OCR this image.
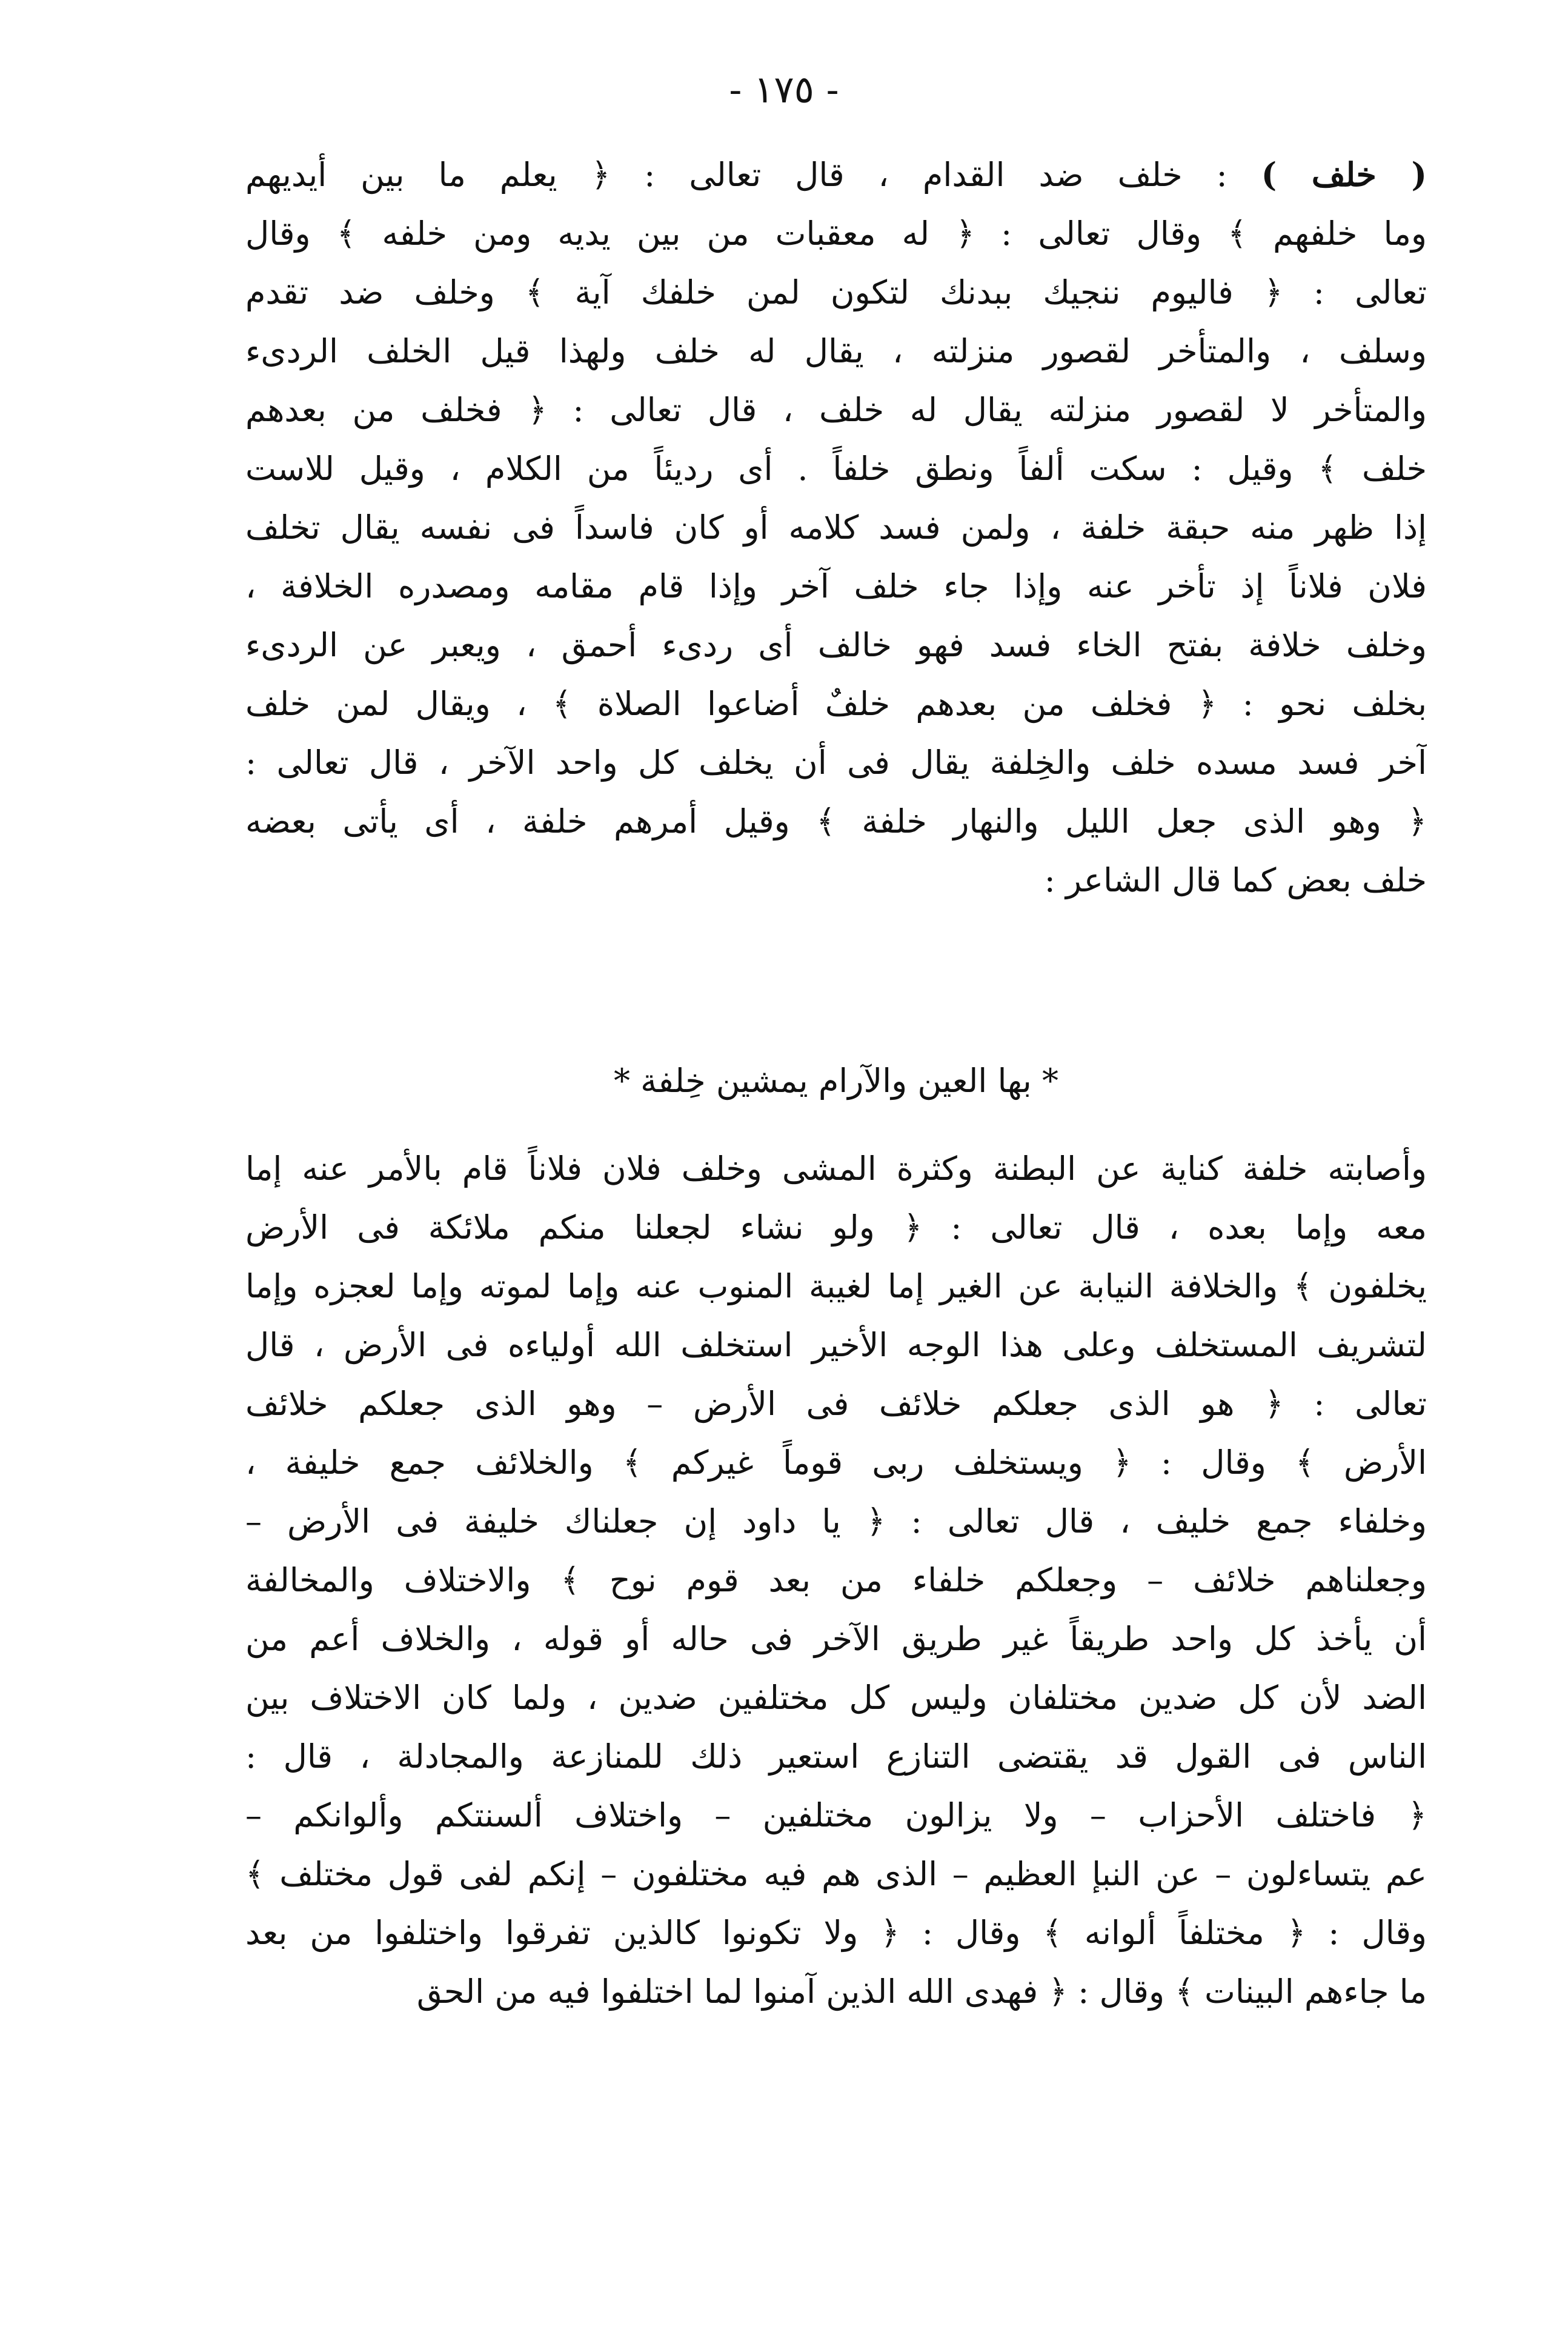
- ١٧٥ -
( خلف ) : خلف ضد القدام ، قال تعالى : ﴿ يعلم ما بين أيديهم
وما خلفهم ﴾ وقال تعالى : ﴿ له معقبات من بين يديه ومن خلفه ﴾ وقال
تعالى : ﴿ فاليوم ننجيك ببدنك لتكون لمن خلفك آية ﴾ وخلف ضد تقدم
وسلف ، والمتأخر لقصور منزلته ، يقال له خلف ولهذا قيل الخلف الردىء
والمتأخر لا لقصور منزلته يقال له خلف ، قال تعالى : ﴿ فخلف من بعدهم
خلف ﴾ وقيل : سكت ألفاً ونطق خلفاً . أى رديئاً من الكلام ، وقيل للاست
إذا ظهر منه حبقة خلفة ، ولمن فسد كلامه أو كان فاسداً فى نفسه يقال تخلف
فلان فلاناً إذ تأخر عنه وإذا جاء خلف آخر وإذا قام مقامه ومصدره الخلافة ،
وخلف خلافة بفتح الخاء فسد فهو خالف أى ردىء أحمق ، ويعبر عن الردىء
بخلف نحو : ﴿ فخلف من بعدهم خلفٌ أضاعوا الصلاة ﴾ ، ويقال لمن خلف
آخر فسد مسده خلف والخِلفة يقال فى أن يخلف كل واحد الآخر ، قال تعالى :
﴿ وهو الذى جعل الليل والنهار خلفة ﴾ وقيل أمرهم خلفة ، أى يأتى بعضه
خلف بعض كما قال الشاعر :
* بها العين والآرام يمشين خِلفة *
وأصابته خلفة كناية عن البطنة وكثرة المشى وخلف فلان فلاناً قام بالأمر عنه إما
معه وإما بعده ، قال تعالى : ﴿ ولو نشاء لجعلنا منكم ملائكة فى الأرض
يخلفون ﴾ والخلافة النيابة عن الغير إما لغيبة المنوب عنه وإما لموته وإما لعجزه وإما
لتشريف المستخلف وعلى هذا الوجه الأخير استخلف الله أولياءه فى الأرض ، قال
تعالى : ﴿ هو الذى جعلكم خلائف فى الأرض – وهو الذى جعلكم خلائف
الأرض ﴾ وقال : ﴿ ويستخلف ربى قوماً غيركم ﴾ والخلائف جمع خليفة ،
وخلفاء جمع خليف ، قال تعالى : ﴿ يا داود إن جعلناك خليفة فى الأرض –
وجعلناهم خلائف – وجعلكم خلفاء من بعد قوم نوح ﴾ والاختلاف والمخالفة
أن يأخذ كل واحد طريقاً غير طريق الآخر فى حاله أو قوله ، والخلاف أعم من
الضد لأن كل ضدين مختلفان وليس كل مختلفين ضدين ، ولما كان الاختلاف بين
الناس فى القول قد يقتضى التنازع استعير ذلك للمنازعة والمجادلة ، قال :
﴿ فاختلف الأحزاب – ولا يزالون مختلفين – واختلاف ألسنتكم وألوانكم –
عم يتساءلون – عن النبإ العظيم – الذى هم فيه مختلفون – إنكم لفى قول مختلف ﴾
وقال : ﴿ مختلفاً ألوانه ﴾ وقال : ﴿ ولا تكونوا كالذين تفرقوا واختلفوا من بعد
ما جاءهم البينات ﴾ وقال : ﴿ فهدى الله الذين آمنوا لما اختلفوا فيه من الحق
